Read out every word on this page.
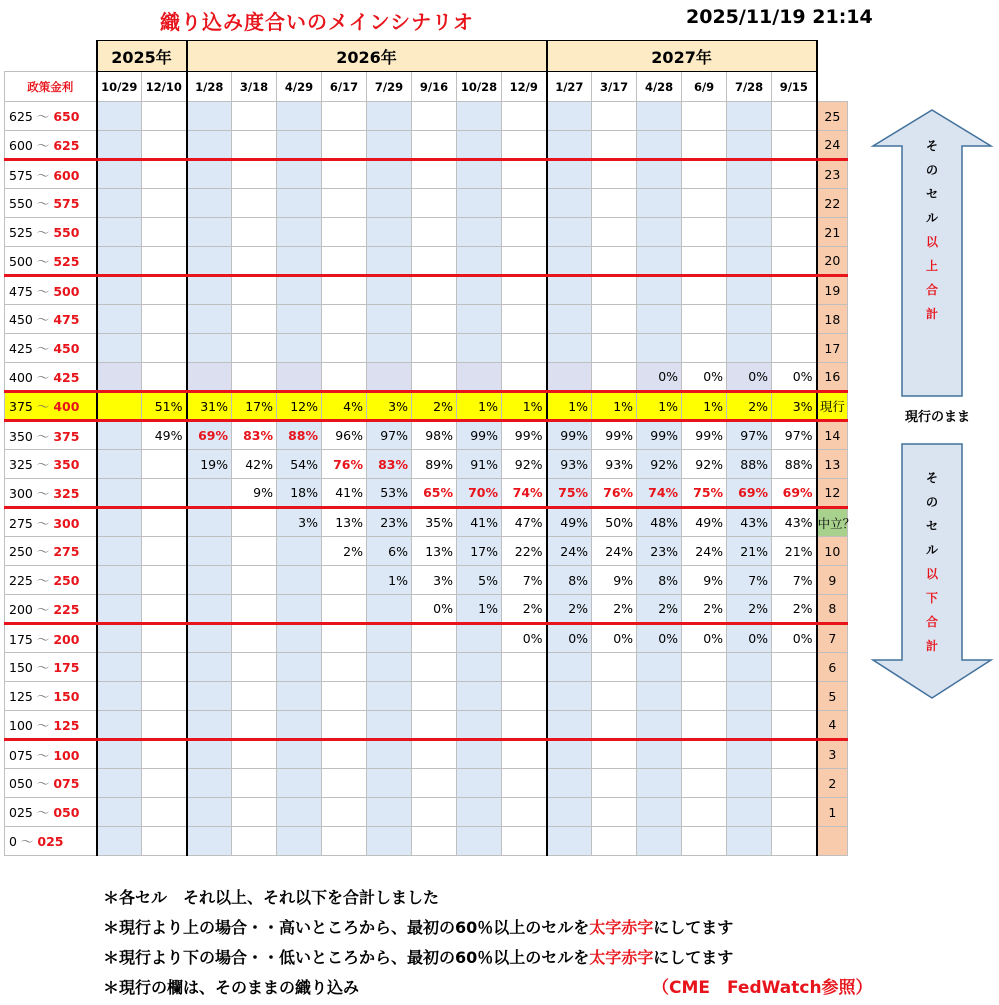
織り込み度合いのメインシナリオ	2025/11/19 21:14
	2025年		2026年								2027年						
政策金利	10/29	12/10	1/28	3/18	4/29	6/17	7/29	9/16	10/28	12/9	1/27	3/17	4/28	6/9	7/28	9/15	
625 ～ 650																	25
600 ～ 625																	24
575 ～ 600																	23
550 ～ 575																	22
525 ～ 550																	21
500 ～ 525																	20
475 ～ 500																	19
450 ～ 475																	18
425 ～ 450																	17
400 ～ 425													0%	0%	0%	0%	16
375 ～ 400		51%	31%	17%	12%	4%	3%	2%	1%	1%	1%	1%	1%	1%	2%	3%	現行
350 ～ 375		49%	69%	83%	88%	96%	97%	98%	99%	99%	99%	99%	99%	99%	97%	97%	14
325 ～ 350			19%	42%	54%	76%	83%	89%	91%	92%	93%	93%	92%	92%	88%	88%	13
300 ～ 325				9%	18%	41%	53%	65%	70%	74%	75%	76%	74%	75%	69%	69%	12
275 ～ 300					3%	13%	23%	35%	41%	47%	49%	50%	48%	49%	43%	43%	中立？
250 ～ 275						2%	6%	13%	17%	22%	24%	24%	23%	24%	21%	21%	10
225 ～ 250							1%	3%	5%	7%	8%	9%	8%	9%	7%	7%	9
200 ～ 225								0%	1%	2%	2%	2%	2%	2%	2%	2%	8
175 ～ 200										0%	0%	0%	0%	0%	0%	0%	7
150 ～ 175																	6
125 ～ 150																	5
100 ～ 125																	4
075 ～ 100																	3
050 ～ 075																	2
025 ～ 050																	1
0 ～ 025																	
そ
の
セ
ル
以
上
合
計
現行のまま
そ
の
セ
ル
以
下
合
計
＊各セル　それ以上、それ以下を合計しました
＊現行より上の場合・・高いところから、最初の60％以上のセルを太字赤字にしてます
＊現行より下の場合・・低いところから、最初の60％以上のセルを太字赤字にしてます
＊現行の欄は、そのままの織り込み	（CME　FedWatch参照）
